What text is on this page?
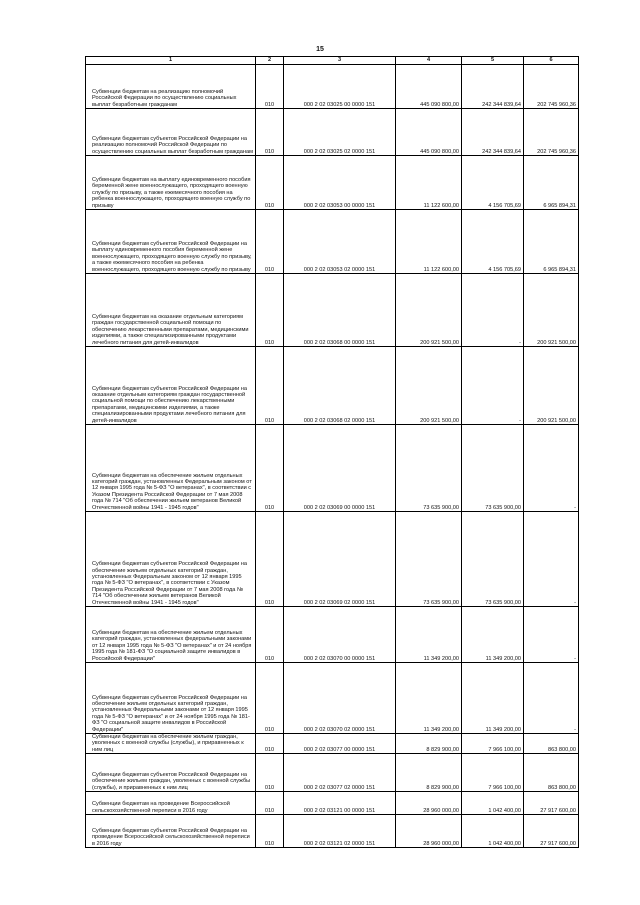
15
1	2	3	4	5	6
Субвенции бюджетам на реализацию полномочий Российской Федерации по осуществлению социальных выплат безработным гражданам	010	000 2 02 03025 00 0000 151	445 090 800,00	242 344 839,64	202 745 960,36
Субвенции бюджетам субъектов Российской Федерации на реализацию полномочий Российской Федерации по осуществлению социальных выплат безработным гражданам	010	000 2 02 03025 02 0000 151	445 090 800,00	242 344 839,64	202 745 960,36
Субвенции бюджетам на выплату единовременного пособия беременной жене военнослужащего, проходящего военную службу по призыву, а также ежемесячного пособия на ребенка военнослужащего, проходящего военную службу по призыву	010	000 2 02 03053 00 0000 151	11 122 600,00	4 156 705,69	6 965 894,31
Субвенции бюджетам субъектов Российской Федерации на выплату единовременного пособия беременной жене военнослужащего, проходящего военную службу по призыву, а также ежемесячного пособия на ребенка военнослужащего, проходящего военную службу по призыву	010	000 2 02 03053 02 0000 151	11 122 600,00	4 156 705,69	6 965 894,31
Субвенции бюджетам на оказание отдельным категориям граждан государственной социальной помощи по обеспечению лекарственными препаратами, медицинскими изделиями, а также специализированными продуктами лечебного питания для детей-инвалидов	010	000 2 02 03068 00 0000 151	200 921 500,00	-	200 921 500,00
Субвенции бюджетам субъектов Российской Федерации на оказание отдельным категориям граждан государственной социальной помощи по обеспечению лекарственными препаратами, медицинскими изделиями, а также специализированными продуктами лечебного питания для детей-инвалидов	010	000 2 02 03068 02 0000 151	200 921 500,00	-	200 921 500,00
Субвенции бюджетам на обеспечение жильем отдельных категорий граждан, установленных Федеральным законом от 12 января 1995 года № 5-ФЗ "О ветеранах", в соответствии с Указом Президента Российской Федерации от 7 мая 2008 года № 714 "Об обеспечении жильем ветеранов Великой Отечественной войны 1941 - 1945 годов"	010	000 2 02 03069 00 0000 151	73 635 900,00	73 635 900,00	-
Субвенции бюджетам субъектов Российской Федерации на обеспечение жильем отдельных категорий граждан, установленных Федеральным законом от 12 января 1995 года № 5-ФЗ "О ветеранах", в соответствии с Указом Президента Российской Федерации от 7 мая 2008 года № 714 "Об обеспечении жильем ветеранов Великой Отечественной войны 1941 - 1945 годов"	010	000 2 02 03069 02 0000 151	73 635 900,00	73 635 900,00	-
Субвенции бюджетам на обеспечение жильем отдельных категорий граждан, установленных федеральными законами от 12 января 1995 года № 5-ФЗ "О ветеранах" и от 24 ноября 1995 года № 181-ФЗ "О социальной защите инвалидов в Российской Федерации"	010	000 2 02 03070 00 0000 151	11 349 200,00	11 349 200,00	-
Субвенции бюджетам субъектов Российской Федерации на обеспечение жильем отдельных категорий граждан, установленных Федеральными законами от 12 января 1995 года № 5-ФЗ "О ветеранах" и от 24 ноября 1995 года № 181-ФЗ "О социальной защите инвалидов в Российской Федерации"	010	000 2 02 03070 02 0000 151	11 349 200,00	11 349 200,00	-
Субвенции бюджетам на обеспечение жильем граждан, уволенных с военной службы (службы), и приравненных к ним лиц	010	000 2 02 03077 00 0000 151	8 829 900,00	7 966 100,00	863 800,00
Субвенции бюджетам субъектов Российской Федерации на обеспечение жильем граждан, уволенных с военной службы (службы), и приравненных к ним лиц	010	000 2 02 03077 02 0000 151	8 829 900,00	7 966 100,00	863 800,00
Субвенции бюджетам на проведение Всероссийской сельскохозяйственной переписи в 2016 году	010	000 2 02 03121 00 0000 151	28 960 000,00	1 042 400,00	27 917 600,00
Субвенции бюджетам субъектов Российской Федерации на проведение Всероссийской сельскохозяйственной переписи в 2016 году	010	000 2 02 03121 02 0000 151	28 960 000,00	1 042 400,00	27 917 600,00
